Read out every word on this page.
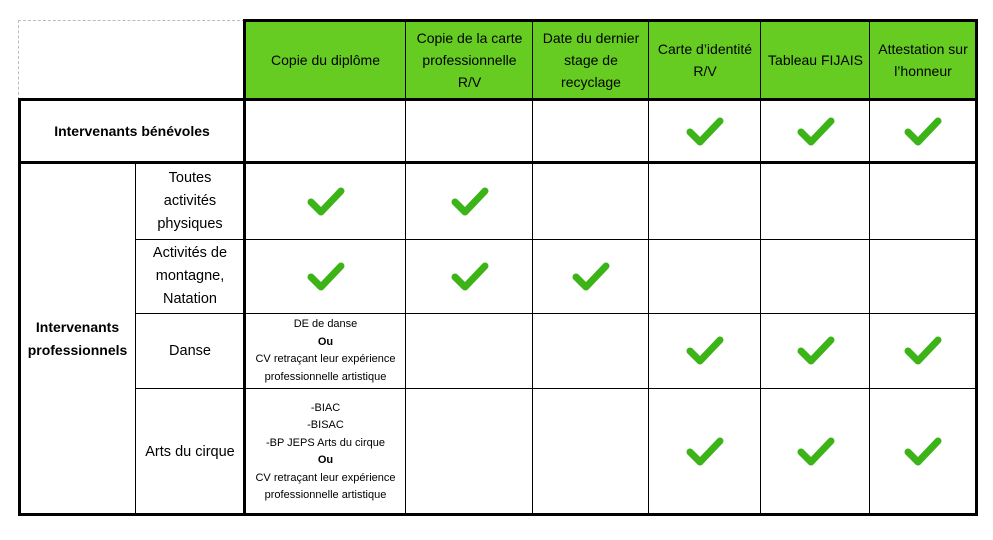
Copie du diplôme
Copie de la carte professionnelle R/V
Date du dernier stage de recyclage
Carte d’identité R/V
Tableau FIJAIS
Attestation sur l’honneur
Intervenants bénévoles
Intervenants professionnels
Toutes activités physiques
Activités de montagne, Natation
Danse
Arts du cirque
DE de danse
Ou
CV retraçant leur expérience
professionnelle artistique
-BIAC
-BISAC
-BP JEPS Arts du cirque
Ou
CV retraçant leur expérience
professionnelle artistique
